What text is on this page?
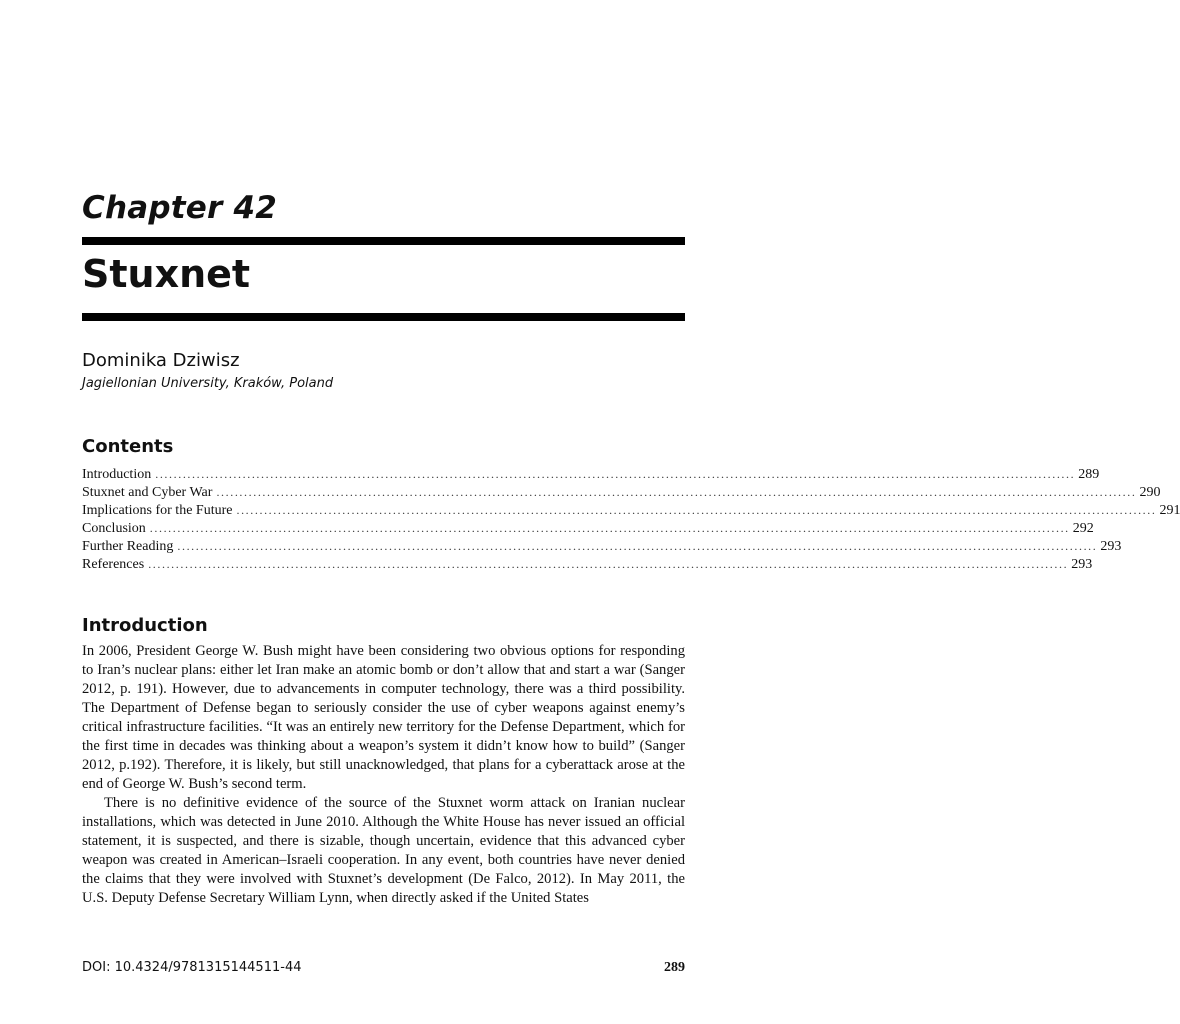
Chapter 42
Stuxnet
Dominika Dziwisz
Jagiellonian University, Kraków, Poland
Contents
Introduction ........................................................................................................................................................................................................ 289
Stuxnet and Cyber War ........................................................................................................................................................................................................ 290
Implications for the Future ........................................................................................................................................................................................................ 291
Conclusion ........................................................................................................................................................................................................ 292
Further Reading ........................................................................................................................................................................................................ 293
References ........................................................................................................................................................................................................ 293
Introduction

In 2006, President George W. Bush might have been considering two obvious options for responding to Iran’s nuclear plans: either let Iran make an atomic bomb or don’t allow that and start a war (Sanger 2012, p. 191). However, due to advancements in computer technology, there was a third possibility. The Department of Defense began to seriously consider the use of cyber weapons against enemy’s critical infrastructure facilities. “It was an entirely new territory for the Defense Department, which for the first time in decades was thinking about a weapon’s system it didn’t know how to build” (Sanger 2012, p.192). Therefore, it is likely, but still unacknowledged, that plans for a cyberattack arose at the end of George W. Bush’s second term.

There is no definitive evidence of the source of the Stuxnet worm attack on Iranian nuclear installations, which was detected in June 2010. Although the White House has never issued an official statement, it is suspected, and there is sizable, though uncertain, evidence that this advanced cyber weapon was created in American–Israeli cooperation. In any event, both countries have never denied the claims that they were involved with Stuxnet’s development (De Falco, 2012). In May 2011, the U.S. Deputy Defense Secretary William Lynn, when directly asked if the United States

DOI: 10.4324/9781315144511-44	289
